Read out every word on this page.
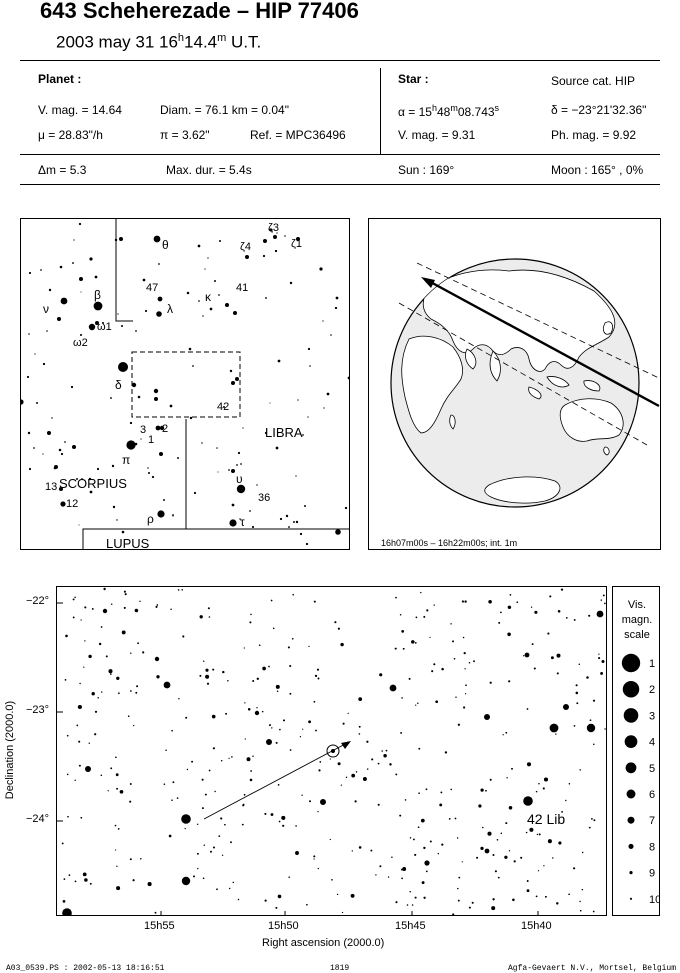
643 Scheherezade – HIP 77406
2003 may 31 16$^h$14.4$^m$ U.T.
Planet :
V. mag. = 14.64	Diam. = 76.1 km = 0.04"
μ = 28.83"/h	π = 3.62"	Ref. = MPC36496
Δm = 5.3	Max. dur. = 5.4s
Star :	Source cat. HIP
$\alpha = 15^h48^m08.743^s$	δ = −23°21'32.36"
V. mag. = 9.31	Ph. mag. = 9.92
Sun : 169°	Moon : 165° , 0%
θ	ζ4
ζ3
ζ1
47	41
κ
λ
ν
β
ω1
ω2
δ
42
3 2
1
π
LIBRA
SCORPIUS
13
12
υ
36
ρ	τ
LUPUS	16h07m00s – 16h22m00s; int. 1m
42 Lib
−22°
−23°
−24°
15h55	15h50	15h45	15h40
Right ascension (2000.0)
Declination (2000.0)
Vis.
magn.
scale
1
2
3
4
5
6
7
8
9
10
A03_0539.PS : 2002-05-13 18:16:51	1819	Agfa-Gevaert N.V., Mortsel, Belgium
